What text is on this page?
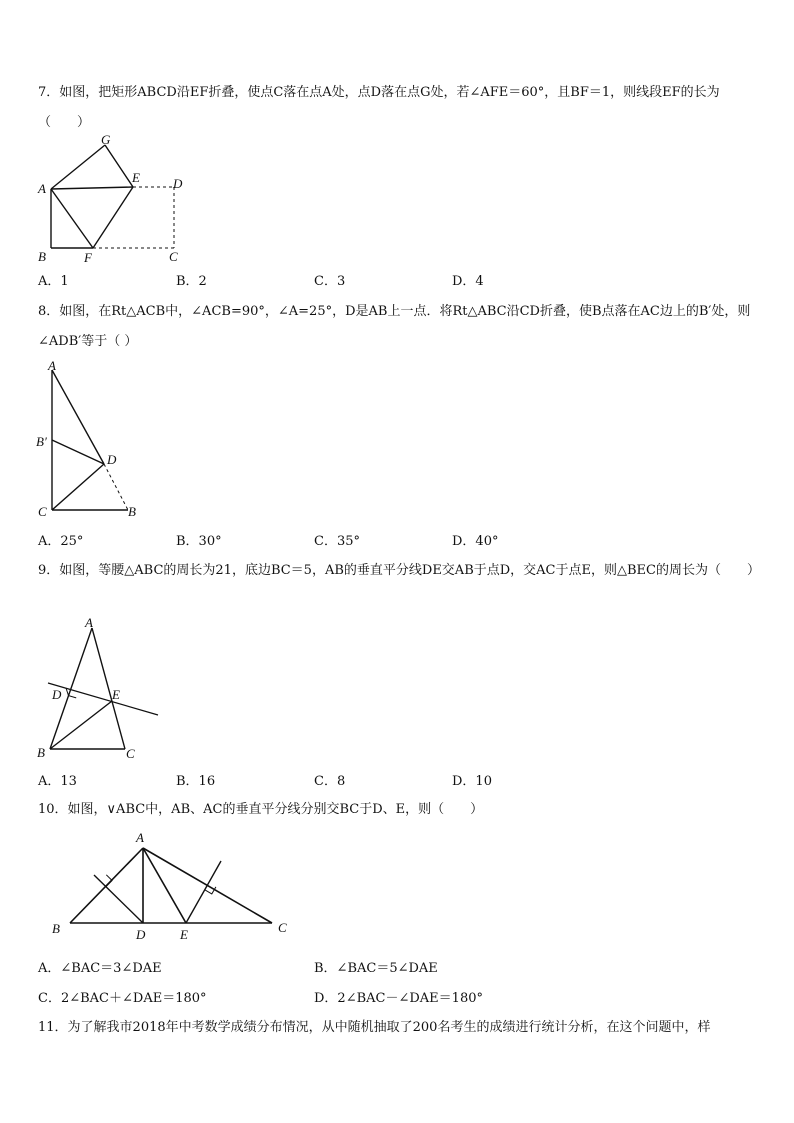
7．如图，把矩形ABCD沿EF折叠，使点C落在点A处，点D落在点G处，若∠AFE＝60°，且BF＝1，则线段EF的长为（　　）
G
A
E	D
B	F	C
A．1	B．2	C．3	D．4
8．如图，在Rt△ACB中，∠ACB=90°，∠A=25°，D是AB上一点．将Rt△ABC沿CD折叠，使B点落在AC边上的B′处，则∠ADB′等于（ ）
A
B′
D
C	B
A．25°	B．30°	C．35°	D．40°
9．如图，等腰△ABC的周长为21，底边BC＝5，AB的垂直平分线DE交AB于点D，交AC于点E，则△BEC的周长为（　　）
A
D	E
B	C
A．13	B．16	C．8	D．10
10．如图，∨ABC中，AB、AC的垂直平分线分别交BC于D、E，则（　　）
A
B	D	E	C
A．∠BAC＝3∠DAE	B．∠BAC＝5∠DAE
C．2∠BAC＋∠DAE＝180°	D．2∠BAC－∠DAE＝180°
11．为了解我市2018年中考数学成绩分布情况，从中随机抽取了200名考生的成绩进行统计分析，在这个问题中，样
